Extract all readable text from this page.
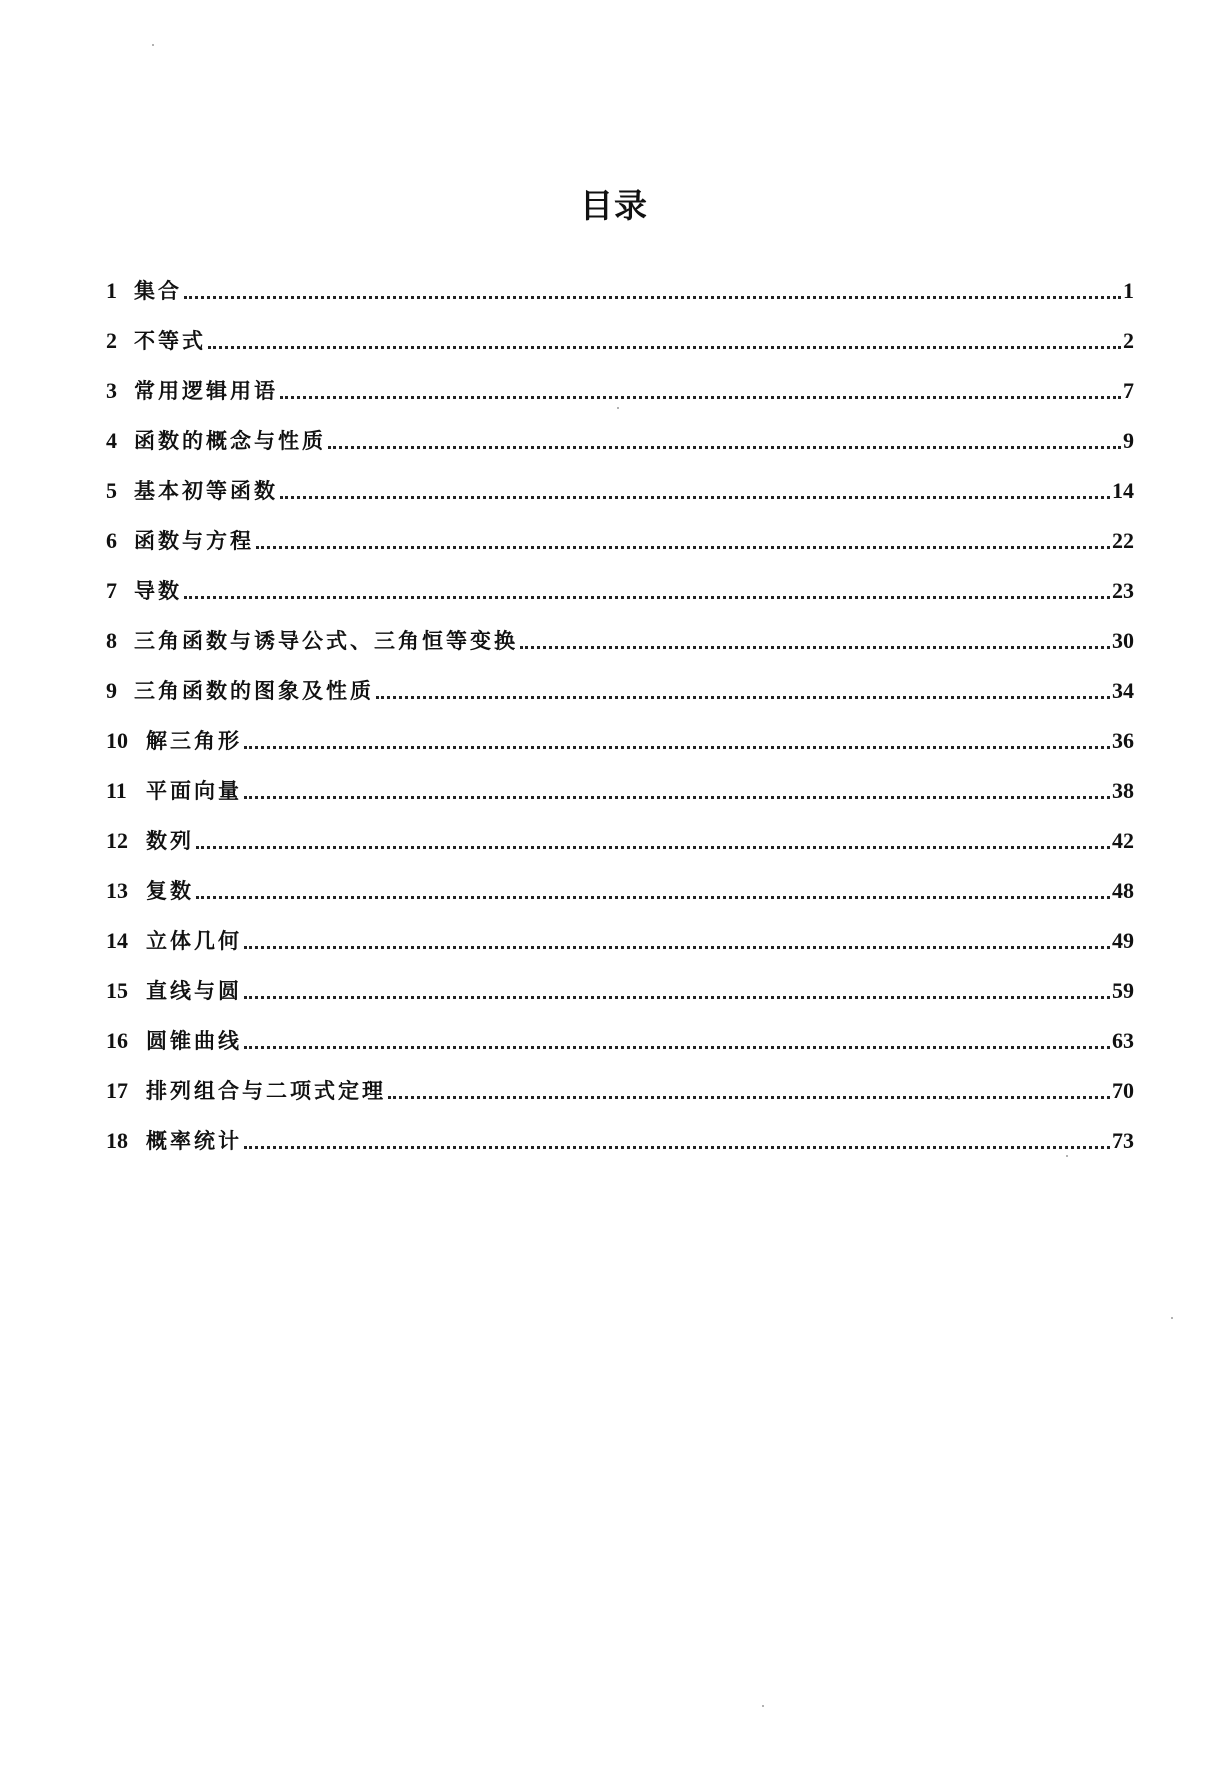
目录
1 集合	1
2 不等式	2
3 常用逻辑用语	7
4 函数的概念与性质	9
5 基本初等函数	14
6 函数与方程	22
7 导数	23
8 三角函数与诱导公式、三角恒等变换	30
9 三角函数的图象及性质	34
10 解三角形	36
11 平面向量	38
12 数列	42
13 复数	48
14 立体几何	49
15 直线与圆	59
16 圆锥曲线	63
17 排列组合与二项式定理	70
18 概率统计	73
